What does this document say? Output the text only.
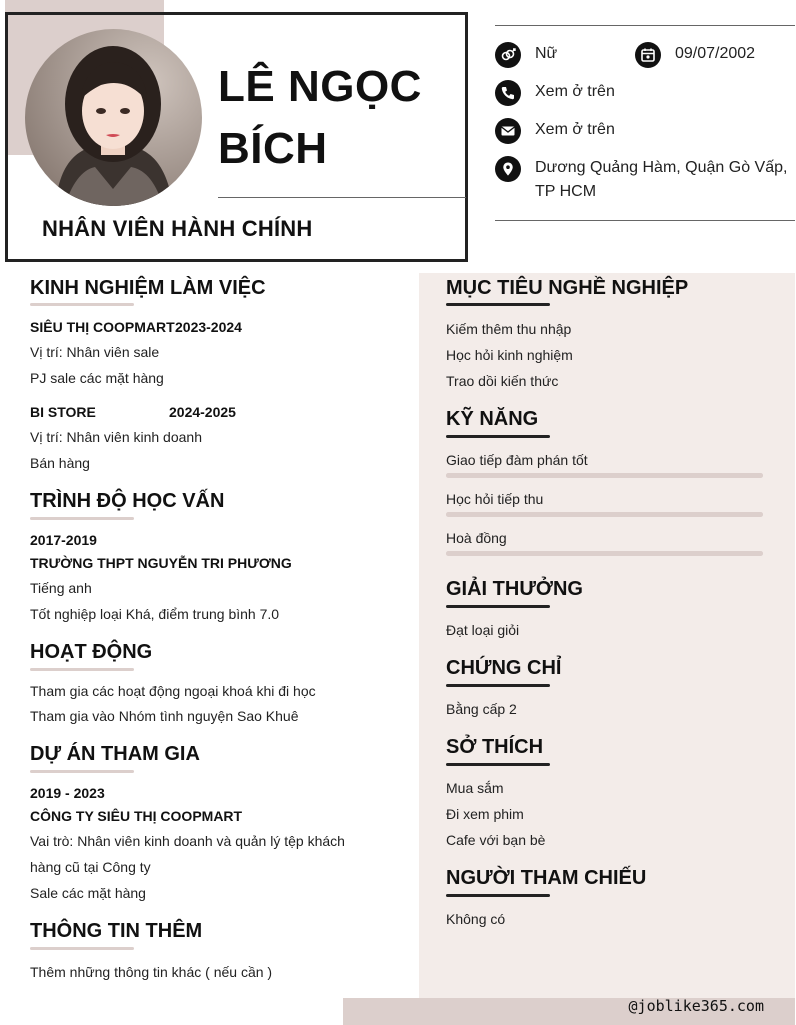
@joblike365.com
LÊ NGỌC
BÍCH
NHÂN VIÊN HÀNH CHÍNH
Nữ	09/07/2002
Xem ở trên
Xem ở trên
Dương Quảng Hàm, Quận Gò Vấp,
TP HCM
KINH NGHIỆM LÀM VIỆC
SIÊU THỊ COOPMART 2023-2024
Vị trí: Nhân viên sale
PJ sale các mặt hàng
BI STORE	2024-2025
Vị trí: Nhân viên kinh doanh
Bán hàng
TRÌNH ĐỘ HỌC VẤN
2017-2019
TRƯỜNG THPT NGUYỄN TRI PHƯƠNG
Tiếng anh
Tốt nghiệp loại Khá, điểm trung bình 7.0
HOẠT ĐỘNG
Tham gia các hoạt động ngoại khoá khi đi học
Tham gia vào Nhóm tình nguyện Sao Khuê
DỰ ÁN THAM GIA
2019 - 2023
CÔNG TY SIÊU THỊ COOPMART
Vai trò: Nhân viên kinh doanh và quản lý tệp khách
hàng cũ tại Công ty
Sale các mặt hàng
THÔNG TIN THÊM
Thêm những thông tin khác ( nếu cần )
MỤC TIÊU NGHỀ NGHIỆP
Kiếm thêm thu nhập
Học hỏi kinh nghiệm
Trao dồi kiến thức
KỸ NĂNG
Giao tiếp đàm phán tốt
Học hỏi tiếp thu
Hoà đồng
GIẢI THƯỞNG
Đạt loại giỏi
CHỨNG CHỈ
Bằng cấp 2
SỞ THÍCH
Mua sắm
Đi xem phim
Cafe với bạn bè
NGƯỜI THAM CHIẾU
Không có
